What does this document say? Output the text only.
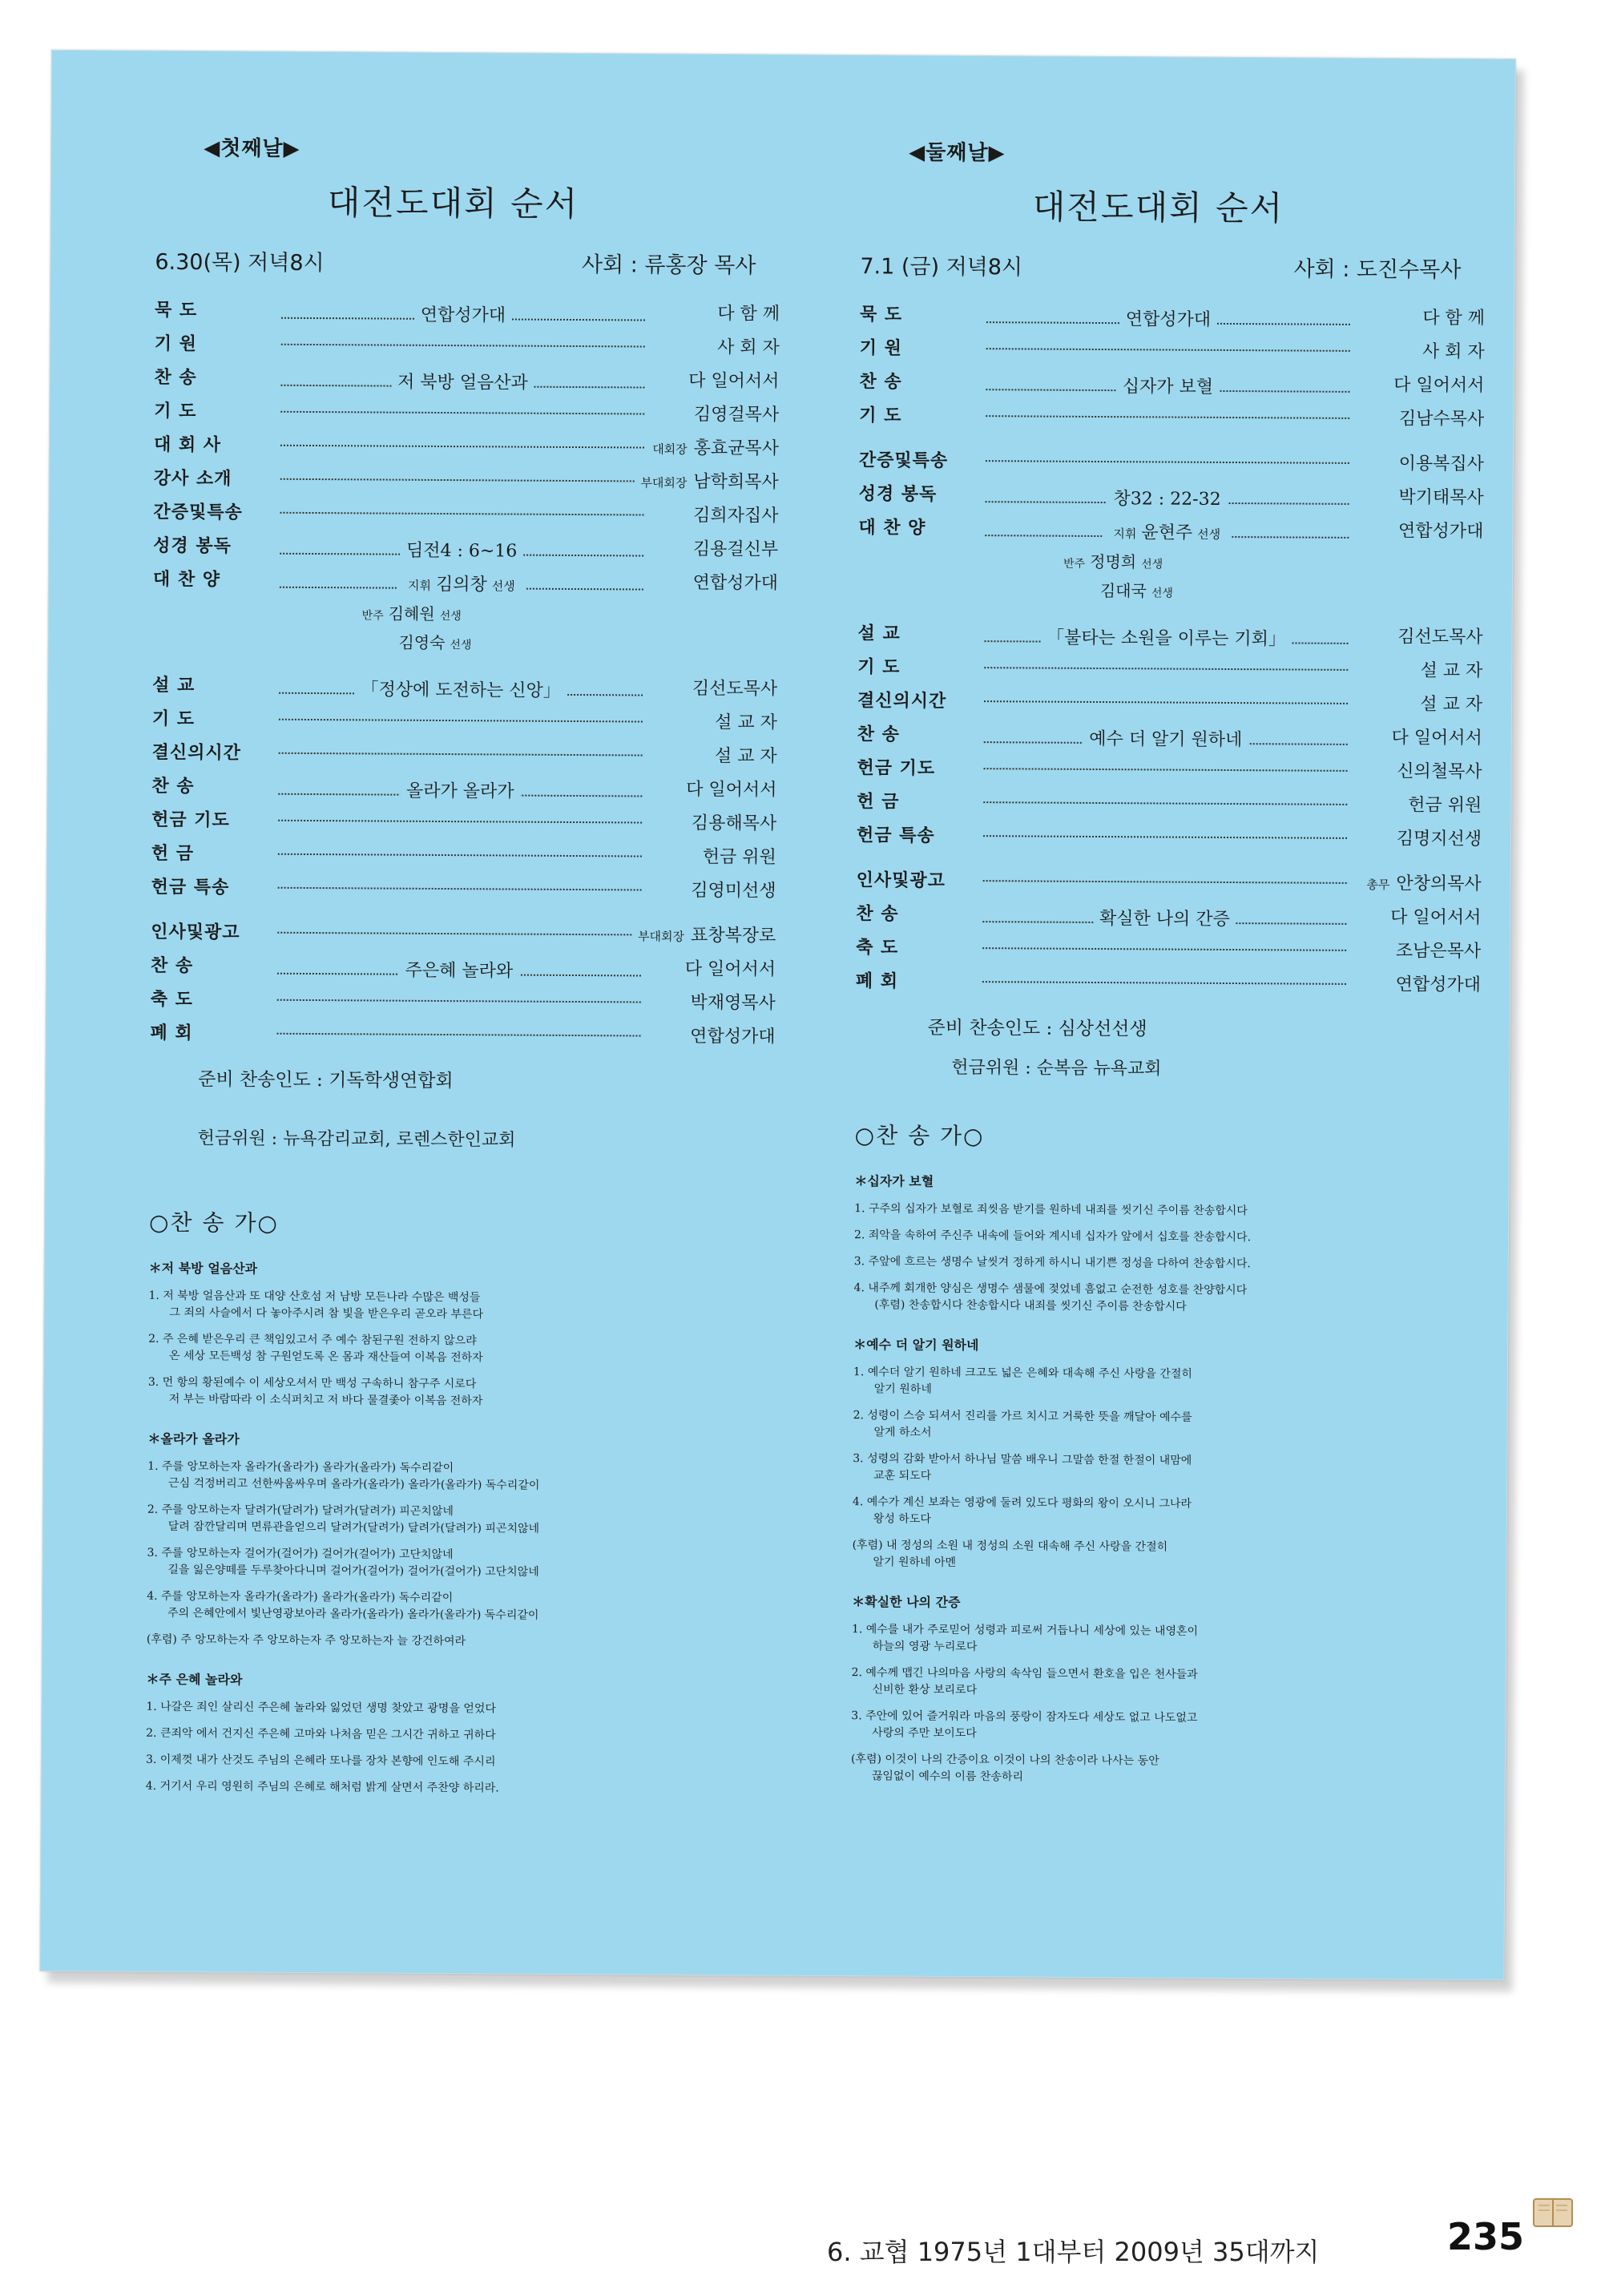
◀첫째날▶
대전도대회 순서
6.30(목) 저녁8시	사회 : 류홍장 목사
묵 도	연합성가대	다 함 께
기 원	사 회 자
찬 송	저 북방 얼음산과	다 일어서서
기 도	김영걸목사
대 회 사	대회장 홍효균목사
강사 소개	부대회장 남학희목사
간증및특송	김희자집사
성경 봉독	딤전4 : 6~16	김용걸신부
대 찬 양	지휘 김의창 선생	연합성가대
반주 김혜원 선생
김영숙 선생
설 교	「정상에 도전하는 신앙」	김선도목사
기 도	설 교 자
결신의시간	설 교 자
찬 송	올라가 올라가	다 일어서서
헌금 기도	김용해목사
헌 금	헌금 위원
헌금 특송	김영미선생
인사및광고	부대회장 표창복장로
찬 송	주은혜 놀라와	다 일어서서
축 도	박재영목사
폐 회	연합성가대
준비 찬송인도 : 기독학생연합회
헌금위원 : 뉴욕감리교회, 로렌스한인교회
○찬 송 가○
＊저 북방 얼음산과
1. 저 북방 얼음산과 또 대양 산호섬 저 남방 모든나라 수많은 백성들
그 죄의 사슬에서 다 놓아주시려 참 빛을 받은우리 곧오라 부른다
2. 주 은혜 받은우리 큰 책임있고서 주 예수 참된구원 전하지 않으랴
온 세상 모든백성 참 구원얻도록 온 몸과 재산들여 이복음 전하자
3. 먼 항의 황된예수 이 세상오셔서 만 백성 구속하니 참구주 시로다
저 부는 바람따라 이 소식퍼치고 저 바다 물결좇아 이복음 전하자
＊올라가 올라가
1. 주를 앙모하는자 올라가(올라가) 올라가(올라가) 독수리같이
근심 걱정버리고 선한싸움싸우며 올라가(올라가) 올라가(올라가) 독수리같이
2. 주를 앙모하는자 달려가(달려가) 달려가(달려가) 피곤치않네
달려 잠깐달리며 면류관을얻으리 달려가(달려가) 달려가(달려가) 피곤치않네
3. 주를 앙모하는자 걸어가(걸어가) 걸어가(걸어가) 고단치않네
길을 잃은양떼를 두루찾아다니며 걸어가(걸어가) 걸어가(걸어가) 고단치않네
4. 주를 앙모하는자 올라가(올라가) 올라가(올라가) 독수리같이
주의 은혜안에서 빛난영광보아라 올라가(올라가) 올라가(올라가) 독수리같이
(후렴) 주 앙모하는자 주 앙모하는자 주 앙모하는자 늘 강건하여라
＊주 은혜 놀라와
1. 나갈은 죄인 살리신 주은혜 놀라와 잃었던 생명 찾았고 광명을 얻었다
2. 큰죄악 에서 건지신 주은혜 고마와 나처음 믿은 그시간 귀하고 귀하다
3. 이제껏 내가 산것도 주님의 은혜라 또나를 장차 본향에 인도해 주시리
4. 거기서 우리 영원히 주님의 은혜로 해처럼 밝게 살면서 주찬양 하리라.
◀둘째날▶
대전도대회 순서
7.1 (금) 저녁8시	사회 : 도진수목사
묵 도	연합성가대	다 함 께
기 원	사 회 자
찬 송	십자가 보혈	다 일어서서
기 도	김남수목사
간증및특송	이용복집사
성경 봉독	창32 : 22-32	박기태목사
대 찬 양	지휘 윤현주 선생	연합성가대
반주 정명희 선생
김대국 선생
설 교	「불타는 소원을 이루는 기회」	김선도목사
기 도	설 교 자
결신의시간	설 교 자
찬 송	예수 더 알기 원하네	다 일어서서
헌금 기도	신의철목사
헌 금	헌금 위원
헌금 특송	김명지선생
인사및광고	총무 안창의목사
찬 송	확실한 나의 간증	다 일어서서
축 도	조남은목사
폐 회	연합성가대
준비 찬송인도 : 심상선선생
헌금위원 : 순복음 뉴욕교회
○찬 송 가○
＊십자가 보혈
1. 구주의 십자가 보혈로 죄씻음 받기를 원하네 내죄를 씻기신 주이름 찬송합시다
2. 죄악을 속하여 주신주 내속에 들어와 계시네 십자가 앞에서 십호를 찬송합시다.
3. 주앞에 흐르는 생명수 날씻겨 정하게 하시니 내기쁜 정성을 다하여 찬송합시다.
4. 내주께 회개한 양심은 생명수 샘물에 젖었네 흠없고 순전한 성호를 찬양합시다
(후렴) 찬송합시다 찬송합시다 내죄를 씻기신 주이름 찬송합시다
＊예수 더 알기 원하네
1. 예수더 알기 원하네 크고도 넓은 은혜와 대속해 주신 사랑을 간절히
알기 원하네
2. 성령이 스승 되셔서 진리를 가르 치시고 거룩한 뜻을 깨달아 예수를
알게 하소서
3. 성령의 감화 받아서 하나님 말씀 배우니 그말씀 한절 한절이 내맘에
교훈 되도다
4. 예수가 계신 보좌는 영광에 둘려 있도다 평화의 왕이 오시니 그나라
왕성 하도다
(후렴) 내 정성의 소원 내 정성의 소원 대속해 주신 사랑을 간절히
알기 원하네 아멘
＊확실한 나의 간증
1. 예수를 내가 주로믿어 성령과 피로써 거듭나니 세상에 있는 내영혼이
하늘의 영광 누리로다
2. 예수께 맵긴 나의마음 사랑의 속삭임 들으면서 환호을 입은 천사들과
신비한 환상 보리로다
3. 주안에 있어 즐거워라 마음의 풍랑이 잠자도다 세상도 없고 나도없고
사랑의 주만 보이도다
(후렴) 이것이 나의 간증이요 이것이 나의 찬송이라 나사는 동안
끊임없이 예수의 이름 찬송하리
6. 교협 1975년 1대부터 2009년 35대까지	235
